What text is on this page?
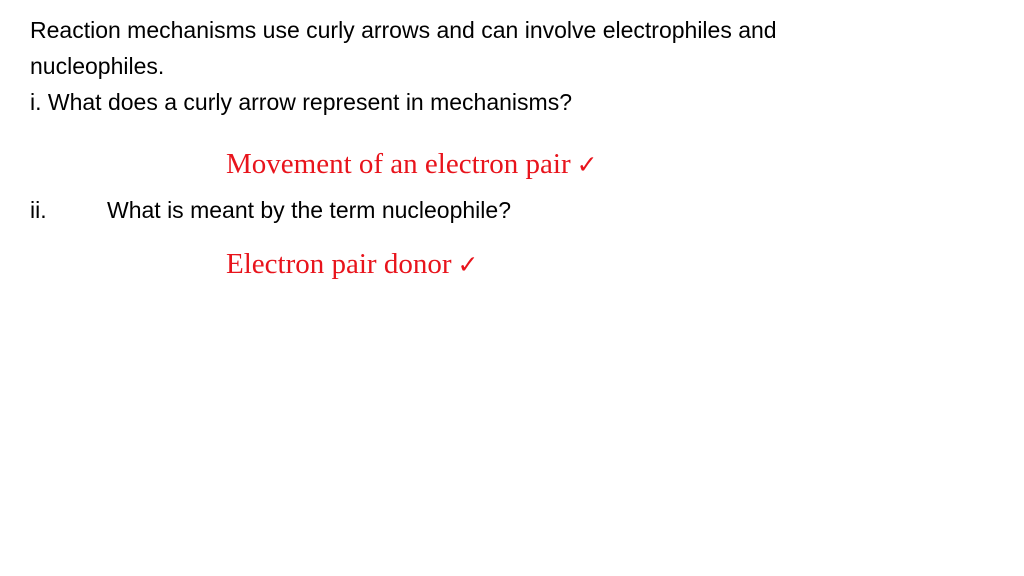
Reaction mechanisms use curly arrows and can involve electrophiles and
nucleophiles.
i. What does a curly arrow represent in mechanisms?
Movement of an electron pair ✓
ii.	What is meant by the term nucleophile?
Electron pair donor ✓
